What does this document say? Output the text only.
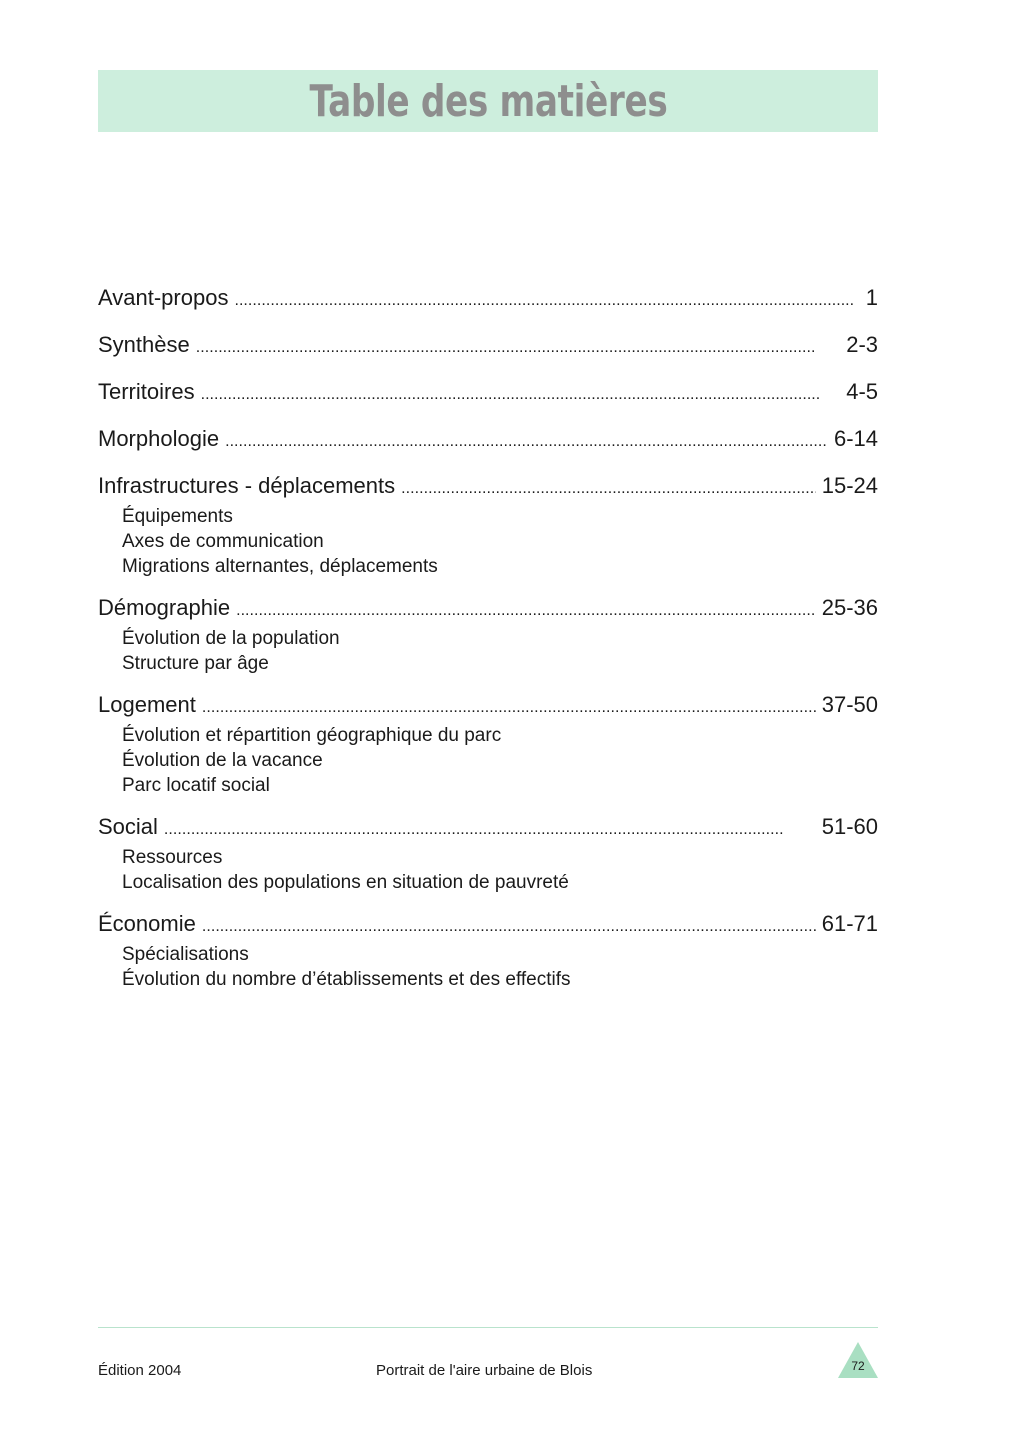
Table des matières
Avant-propos . . .	1
Synthèse . . .	2-3
Territoires . . .	4-5
Morphologie . . .	6-14
Infrastructures - déplacements . . .	15-24
Équipements
Axes de communication
Migrations alternantes, déplacements
Démographie . . .	25-36
Évolution de la population
Structure par âge
Logement . . .	37-50
Évolution et répartition géographique du parc
Évolution de la vacance
Parc locatif social
Social . . .	51-60
Ressources
Localisation des populations en situation de pauvreté
Économie . . .	61-71
Spécialisations
Évolution du nombre d’établissements et des effectifs
Édition 2004	Portrait de l'aire urbaine de Blois	72
